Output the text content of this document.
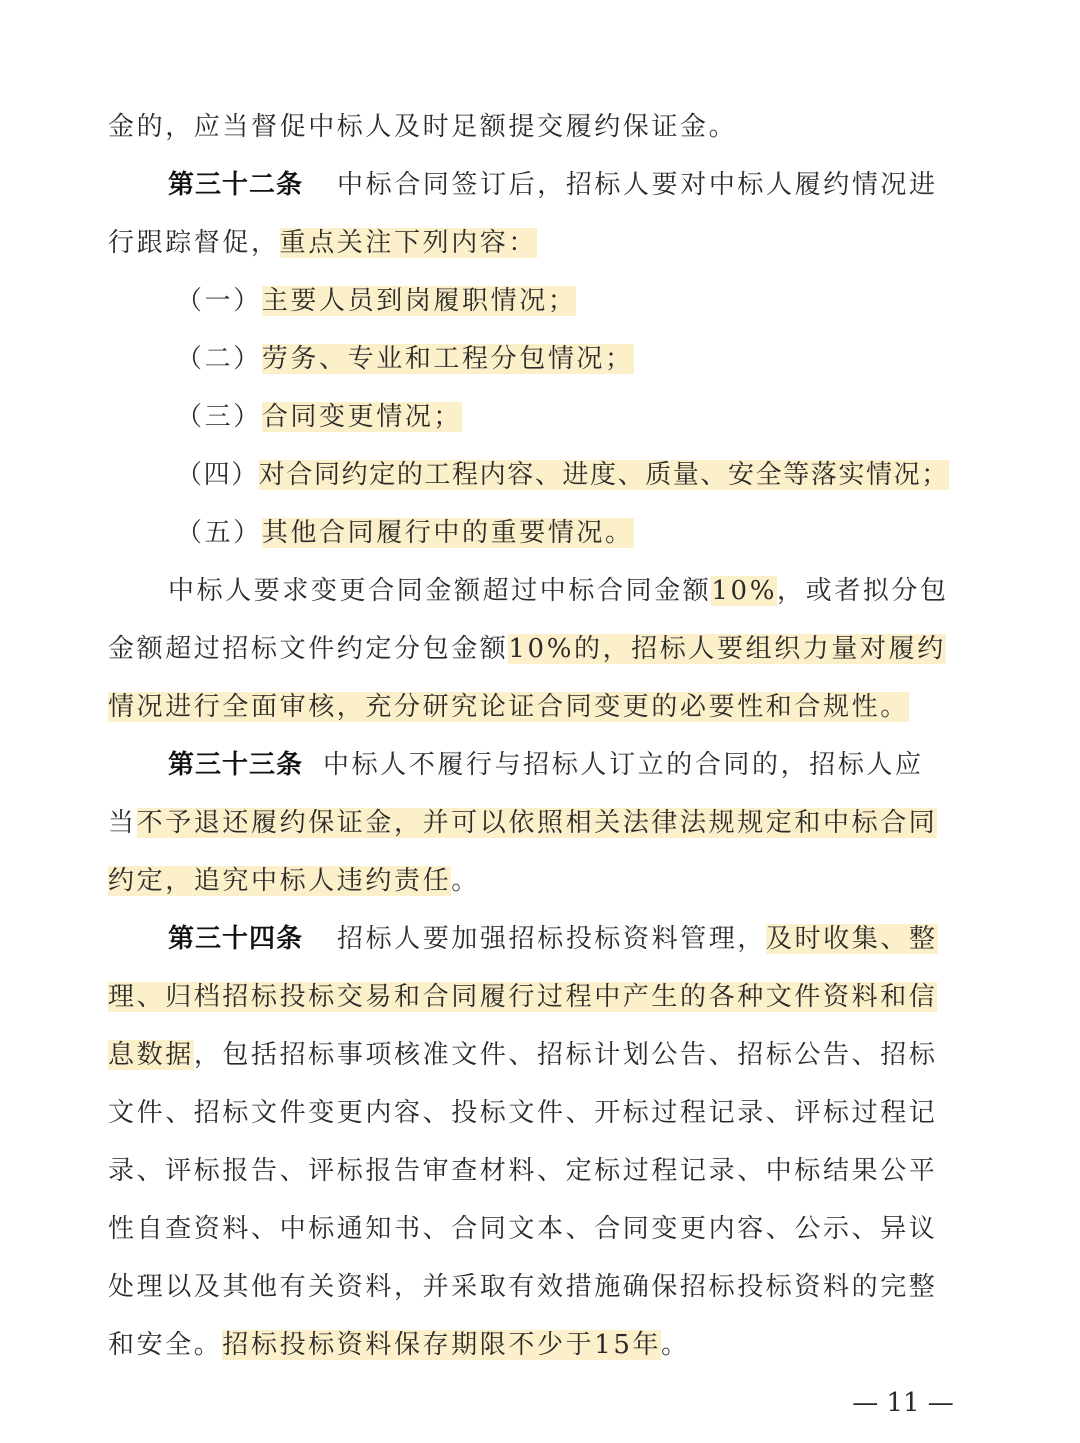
金的，应当督促中标人及时足额提交履约保证金。
第三十二条 中标合同签订后，招标人要对中标人履约情况进
行跟踪督促，重点关注下列内容：
（一）主要人员到岗履职情况；
（二）劳务、专业和工程分包情况；
（三）合同变更情况；
（四）对合同约定的工程内容、进度、质量、安全等落实情况；
（五）其他合同履行中的重要情况。
中标人要求变更合同金额超过中标合同金额10%，或者拟分包
金额超过招标文件约定分包金额10%的，招标人要组织力量对履约
情况进行全面审核，充分研究论证合同变更的必要性和合规性。
第三十三条 中标人不履行与招标人订立的合同的，招标人应
当不予退还履约保证金，并可以依照相关法律法规规定和中标合同
约定，追究中标人违约责任。
第三十四条 招标人要加强招标投标资料管理，及时收集、整
理、归档招标投标交易和合同履行过程中产生的各种文件资料和信
息数据，包括招标事项核准文件、招标计划公告、招标公告、招标
文件、招标文件变更内容、投标文件、开标过程记录、评标过程记
录、评标报告、评标报告审查材料、定标过程记录、中标结果公平
性自查资料、中标通知书、合同文本、合同变更内容、公示、异议
处理以及其他有关资料，并采取有效措施确保招标投标资料的完整
和安全。招标投标资料保存期限不少于15年。
— 11 —
